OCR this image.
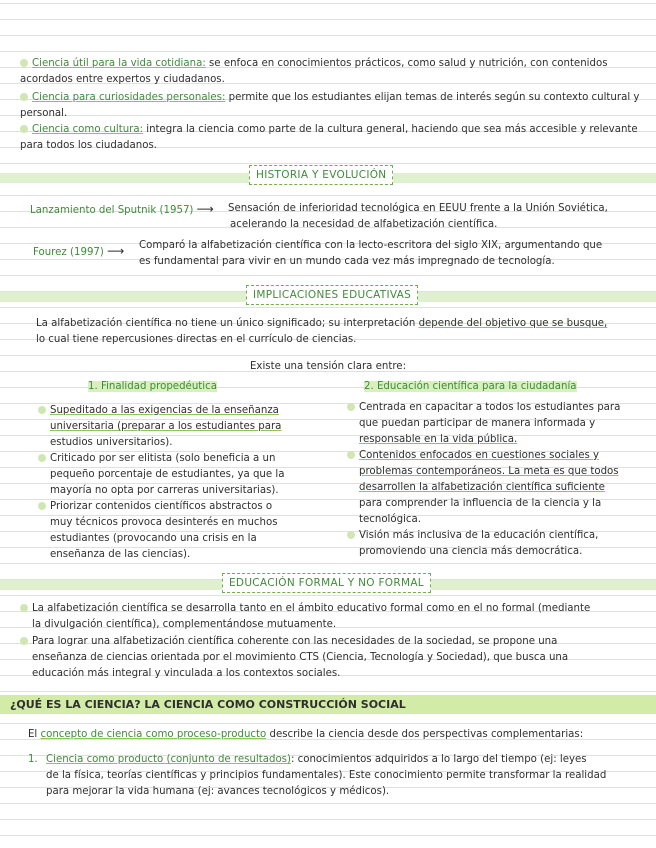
Ciencia útil para la vida cotidiana: se enfoca en conocimientos prácticos, como salud y nutrición, con contenidos acordados entre expertos y ciudadanos.
Ciencia para curiosidades personales: permite que los estudiantes elijan temas de interés según su contexto cultural y personal.
Ciencia como cultura: integra la ciencia como parte de la cultura general, haciendo que sea más accesible y relevante para todos los ciudadanos.
HISTORIA Y EVOLUCIÓN
Lanzamiento del Sputnik (1957) ⟶ Sensación de inferioridad tecnológica en EEUU frente a la Unión Soviética,
acelerando la necesidad de alfabetización científica.
Fourez (1997) ⟶ Comparó la alfabetización científica con la lecto-escritora del siglo XIX, argumentando que
es fundamental para vivir en un mundo cada vez más impregnado de tecnología.
IMPLICACIONES EDUCATIVAS
La alfabetización científica no tiene un único significado; su interpretación depende del objetivo que se busque,
lo cual tiene repercusiones directas en el currículo de ciencias.
Existe una tensión clara entre:
1. Finalidad propedéutica	2. Educación científica para la ciudadanía
Supeditado a las exigencias de la enseñanza
universitaria (preparar a los estudiantes para
estudios universitarios).
Criticado por ser elitista (solo beneficia a un
pequeño porcentaje de estudiantes, ya que la
mayoría no opta por carreras universitarias).
Priorizar contenidos científicos abstractos o
muy técnicos provoca desinterés en muchos
estudiantes (provocando una crisis en la
enseñanza de las ciencias).
Centrada en capacitar a todos los estudiantes para
que puedan participar de manera informada y
responsable en la vida pública.
Contenidos enfocados en cuestiones sociales y
problemas contemporáneos. La meta es que todos
desarrollen la alfabetización científica suficiente
para comprender la influencia de la ciencia y la
tecnológica.
Visión más inclusiva de la educación científica,
promoviendo una ciencia más democrática.
EDUCACIÓN FORMAL Y NO FORMAL
La alfabetización científica se desarrolla tanto en el ámbito educativo formal como en el no formal (mediante
la divulgación científica), complementándose mutuamente.
Para lograr una alfabetización científica coherente con las necesidades de la sociedad, se propone una
enseñanza de ciencias orientada por el movimiento CTS (Ciencia, Tecnología y Sociedad), que busca una
educación más integral y vinculada a los contextos sociales.
¿QUÉ ES LA CIENCIA? LA CIENCIA COMO CONSTRUCCIÓN SOCIAL
El concepto de ciencia como proceso-producto describe la ciencia desde dos perspectivas complementarias:
1. Ciencia como producto (conjunto de resultados): conocimientos adquiridos a lo largo del tiempo (ej: leyes
de la física, teorías científicas y principios fundamentales). Este conocimiento permite transformar la realidad
para mejorar la vida humana (ej: avances tecnológicos y médicos).
